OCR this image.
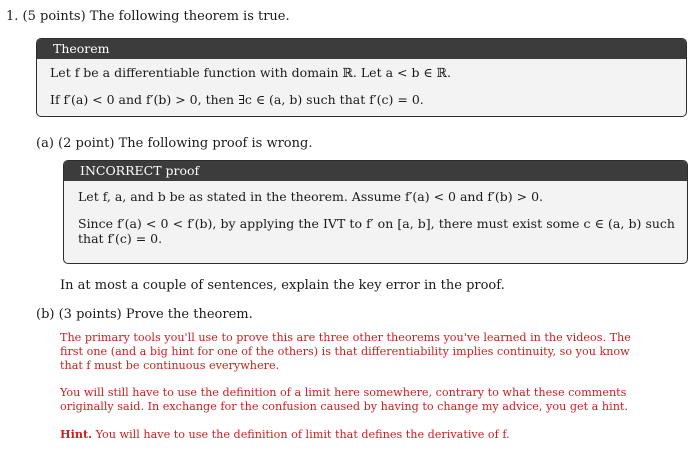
1. (5 points) The following theorem is true.
Theorem
Let f be a differentiable function with domain ℝ. Let a < b ∈ ℝ.
If f′(a) < 0 and f′(b) > 0, then ∃c ∈ (a, b) such that f′(c) = 0.
(a) (2 point) The following proof is wrong.
INCORRECT proof
Let f, a, and b be as stated in the theorem. Assume f′(a) < 0 and f′(b) > 0.
Since f′(a) < 0 < f′(b), by applying the IVT to f′ on [a, b], there must exist some c ∈ (a, b) such that f′(c) = 0.
In at most a couple of sentences, explain the key error in the proof.
(b) (3 points) Prove the theorem.
The primary tools you'll use to prove this are three other theorems you've learned in the videos. The first one (and a big hint for one of the others) is that differentiability implies continuity, so you know that f must be continuous everywhere.
You will still have to use the definition of a limit here somewhere, contrary to what these comments originally said. In exchange for the confusion caused by having to change my advice, you get a hint.
Hint. You will have to use the definition of limit that defines the derivative of f.
